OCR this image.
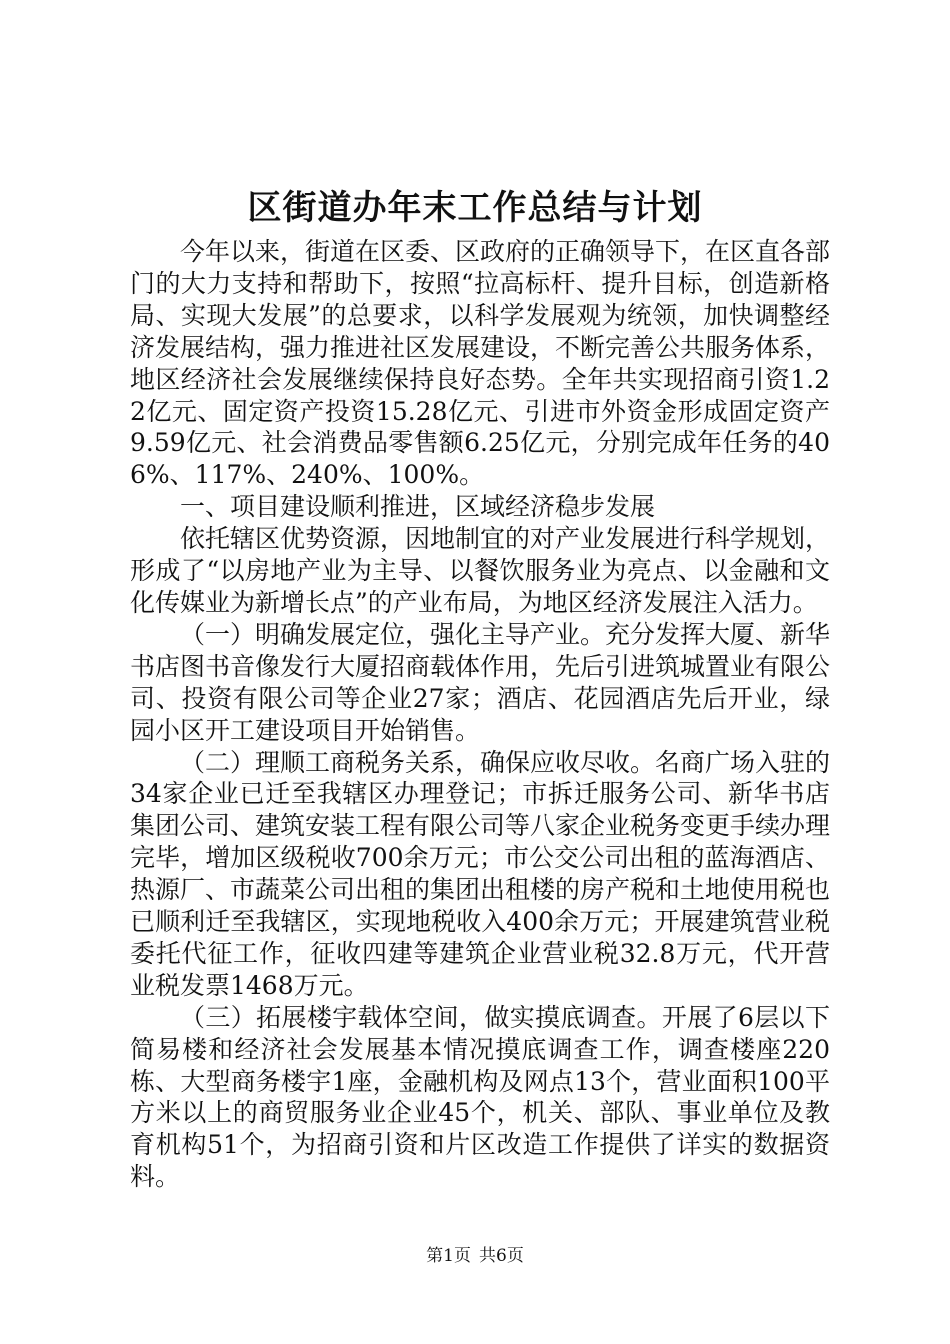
区街道办年末工作总结与计划

今年以来，街道在区委、区政府的正确领导下，在区直各部门的大力支持和帮助下，按照“拉高标杆、提升目标，创造新格局、实现大发展”的总要求，以科学发展观为统领，加快调整经济发展结构，强力推进社区发展建设，不断完善公共服务体系，地区经济社会发展继续保持良好态势。全年共实现招商引资1.22亿元、固定资产投资15.28亿元、引进市外资金形成固定资产9.59亿元、社会消费品零售额6.25亿元，分别完成年任务的406%、117%、240%、100%。

一、项目建设顺利推进，区域经济稳步发展

依托辖区优势资源，因地制宜的对产业发展进行科学规划，形成了“以房地产业为主导、以餐饮服务业为亮点、以金融和文化传媒业为新增长点”的产业布局，为地区经济发展注入活力。

（一）明确发展定位，强化主导产业。充分发挥大厦、新华书店图书音像发行大厦招商载体作用，先后引进筑城置业有限公司、投资有限公司等企业27家；酒店、花园酒店先后开业，绿园小区开工建设项目开始销售。

（二）理顺工商税务关系，确保应收尽收。名商广场入驻的34家企业已迁至我辖区办理登记；市拆迁服务公司、新华书店集团公司、建筑安装工程有限公司等八家企业税务变更手续办理完毕，增加区级税收700余万元；市公交公司出租的蓝海酒店、热源厂、市蔬菜公司出租的集团出租楼的房产税和土地使用税也已顺利迁至我辖区，实现地税收入400余万元；开展建筑营业税委托代征工作，征收四建等建筑企业营业税32.8万元，代开营业税发票1468万元。

（三）拓展楼宇载体空间，做实摸底调查。开展了6层以下简易楼和经济社会发展基本情况摸底调查工作，调查楼座220栋、大型商务楼宇1座，金融机构及网点13个，营业面积100平方米以上的商贸服务业企业45个，机关、部队、事业单位及教育机构51个，为招商引资和片区改造工作提供了详实的数据资料。

第1页 共6页
